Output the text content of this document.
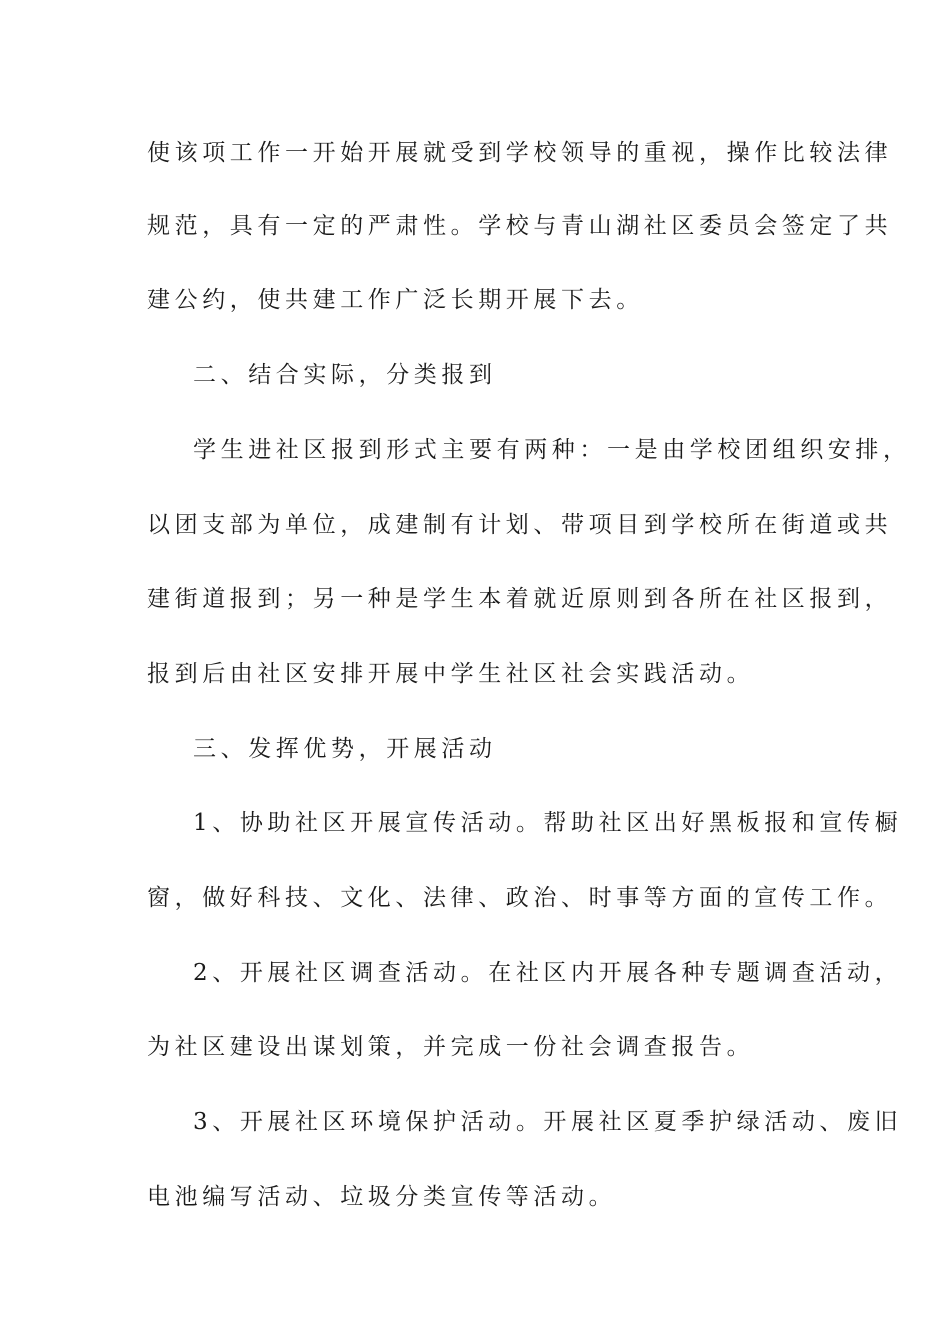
使该项工作一开始开展就受到学校领导的重视，操作比较法律
规范，具有一定的严肃性。学校与青山湖社区委员会签定了共
建公约，使共建工作广泛长期开展下去。
二、结合实际，分类报到
学生进社区报到形式主要有两种：一是由学校团组织安排，
以团支部为单位，成建制有计划、带项目到学校所在街道或共
建街道报到；另一种是学生本着就近原则到各所在社区报到，
报到后由社区安排开展中学生社区社会实践活动。
三、发挥优势，开展活动
1、协助社区开展宣传活动。帮助社区出好黑板报和宣传橱
窗，做好科技、文化、法律、政治、时事等方面的宣传工作。
2、开展社区调查活动。在社区内开展各种专题调查活动，
为社区建设出谋划策，并完成一份社会调查报告。
3、开展社区环境保护活动。开展社区夏季护绿活动、废旧
电池编写活动、垃圾分类宣传等活动。
